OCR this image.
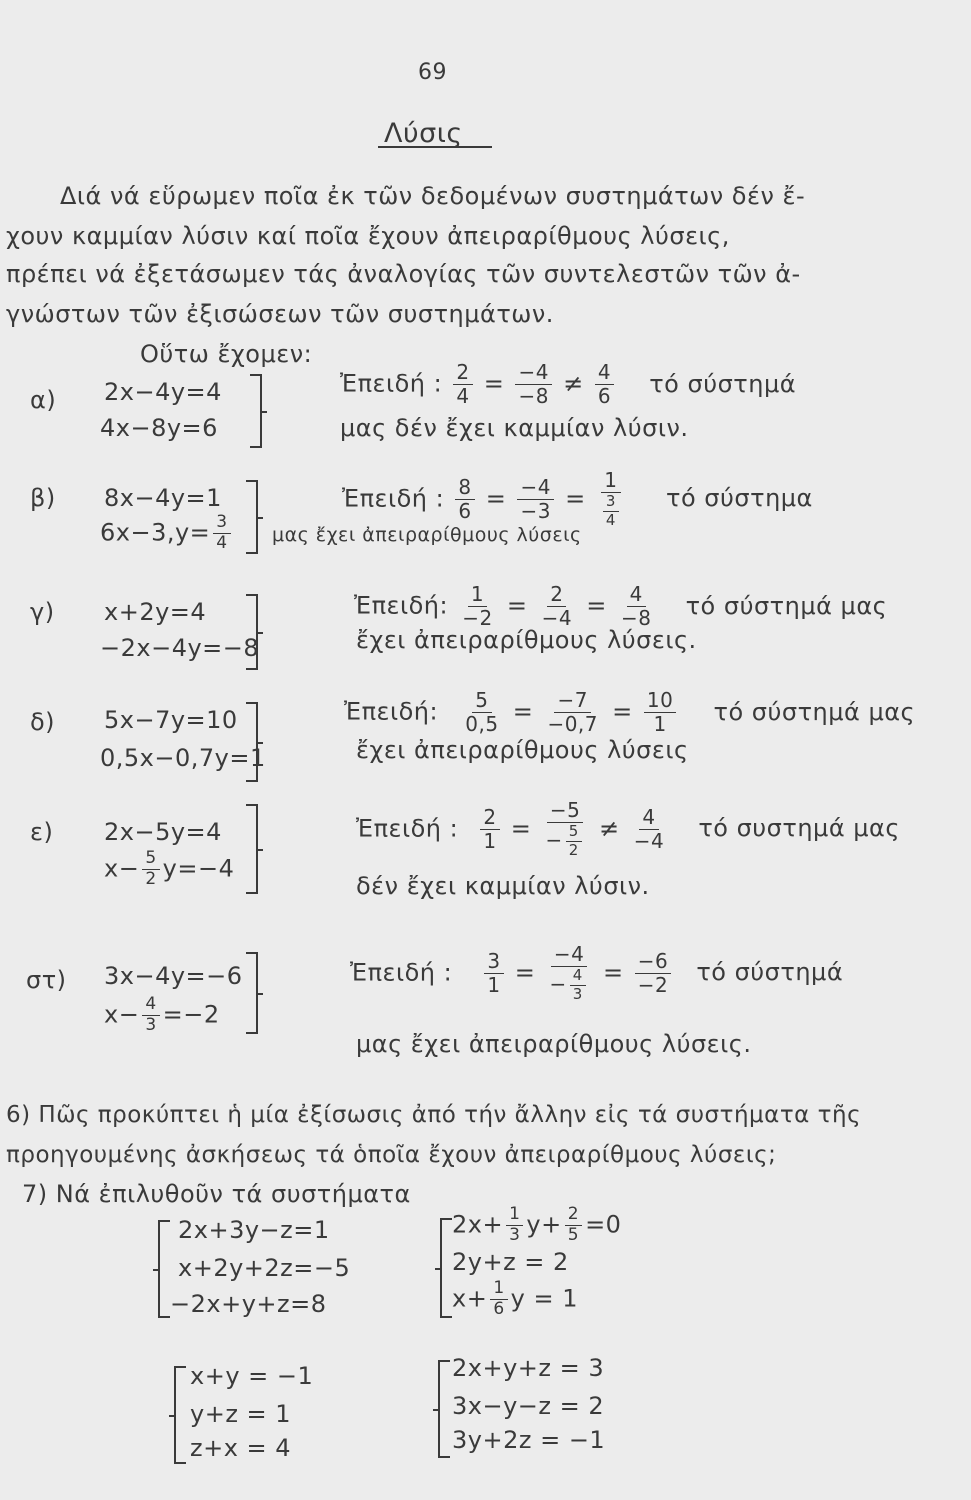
69
Λύσις
Διά νά εὕρωμεν ποῖα ἐκ τῶν δεδομένων συστημάτων δέν ἔ-
χουν καμμίαν λύσιν καί ποῖα ἔχουν ἀπειραρίθμους λύσεις,
πρέπει νά ἐξετάσωμεν τάς ἀναλογίας τῶν συντελεστῶν τῶν ἀ-
γνώστων τῶν ἐξισώσεων τῶν συστημάτων.
Οὕτω ἔχομεν:
α) 2x−4y=4
4x−8y=6
Ἐπειδή : $\frac{2}{4} = \frac{-4}{-8} \ne \frac{4}{6}$ τό σύστημά
μας δέν ἔχει καμμίαν λύσιν.
β) 8x−4y=1
$6x-3,y= \frac{3}{4}$
Ἐπειδή : $\frac{8}{6} = \frac{-4}{-3} = \frac{1}{\frac{3}{4}}$ τό σύστημα
μας ἔχει ἀπειραρίθμους λύσεις
γ) x+2y=4
−2x−4y=−8
Ἐπειδή: $\frac{1}{-2} = \frac{2}{-4} = \frac{4}{-8}$ τό σύστημά μας
ἔχει ἀπειραρίθμους λύσεις.
δ) 5x−7y=10
0,5x−0,7y=1
Ἐπειδή: $\frac{5}{0,5} = \frac{-7}{-0,7} = \frac{10}{1}$ τό σύστημά μας
ἔχει ἀπειραρίθμους λύσεις
ε) 2x−5y=4
$x- \frac{5}{2} y=-4$
Ἐπειδή : $\frac{2}{1} = \frac{-5}{- \frac{5}{2}} \ne \frac{4}{-4}$ τό συστημά μας
δέν ἔχει καμμίαν λύσιν.
στ) 3x−4y=−6
$x- \frac{4}{3} =-2$
Ἐπειδή : $\frac{3}{1} = \frac{-4}{- \frac{4}{3}} = \frac{-6}{-2}$ τό σύστημά
μας ἔχει ἀπειραρίθμους λύσεις.
6) Πῶς προκύπτει ἡ μία ἐξίσωσις ἀπό τήν ἄλλην εἰς τά συστήματα τῆς
προηγουμένης ἀσκήσεως τά ὁποῖα ἔχουν ἀπειραρίθμους λύσεις;
7) Νά ἐπιλυθοῦν τά συστήματα
2x+3y−z=1
x+2y+2z=−5
−2x+y+z=8
$2x+ \frac{1}{3} y+ \frac{2}{5} =0$
2y+z = 2
$x+ \frac{1}{6}$ y = 1
x+y = −1
y+z = 1
z+x = 4
2x+y+z = 3
3x−y−z = 2
3y+2z = −1
